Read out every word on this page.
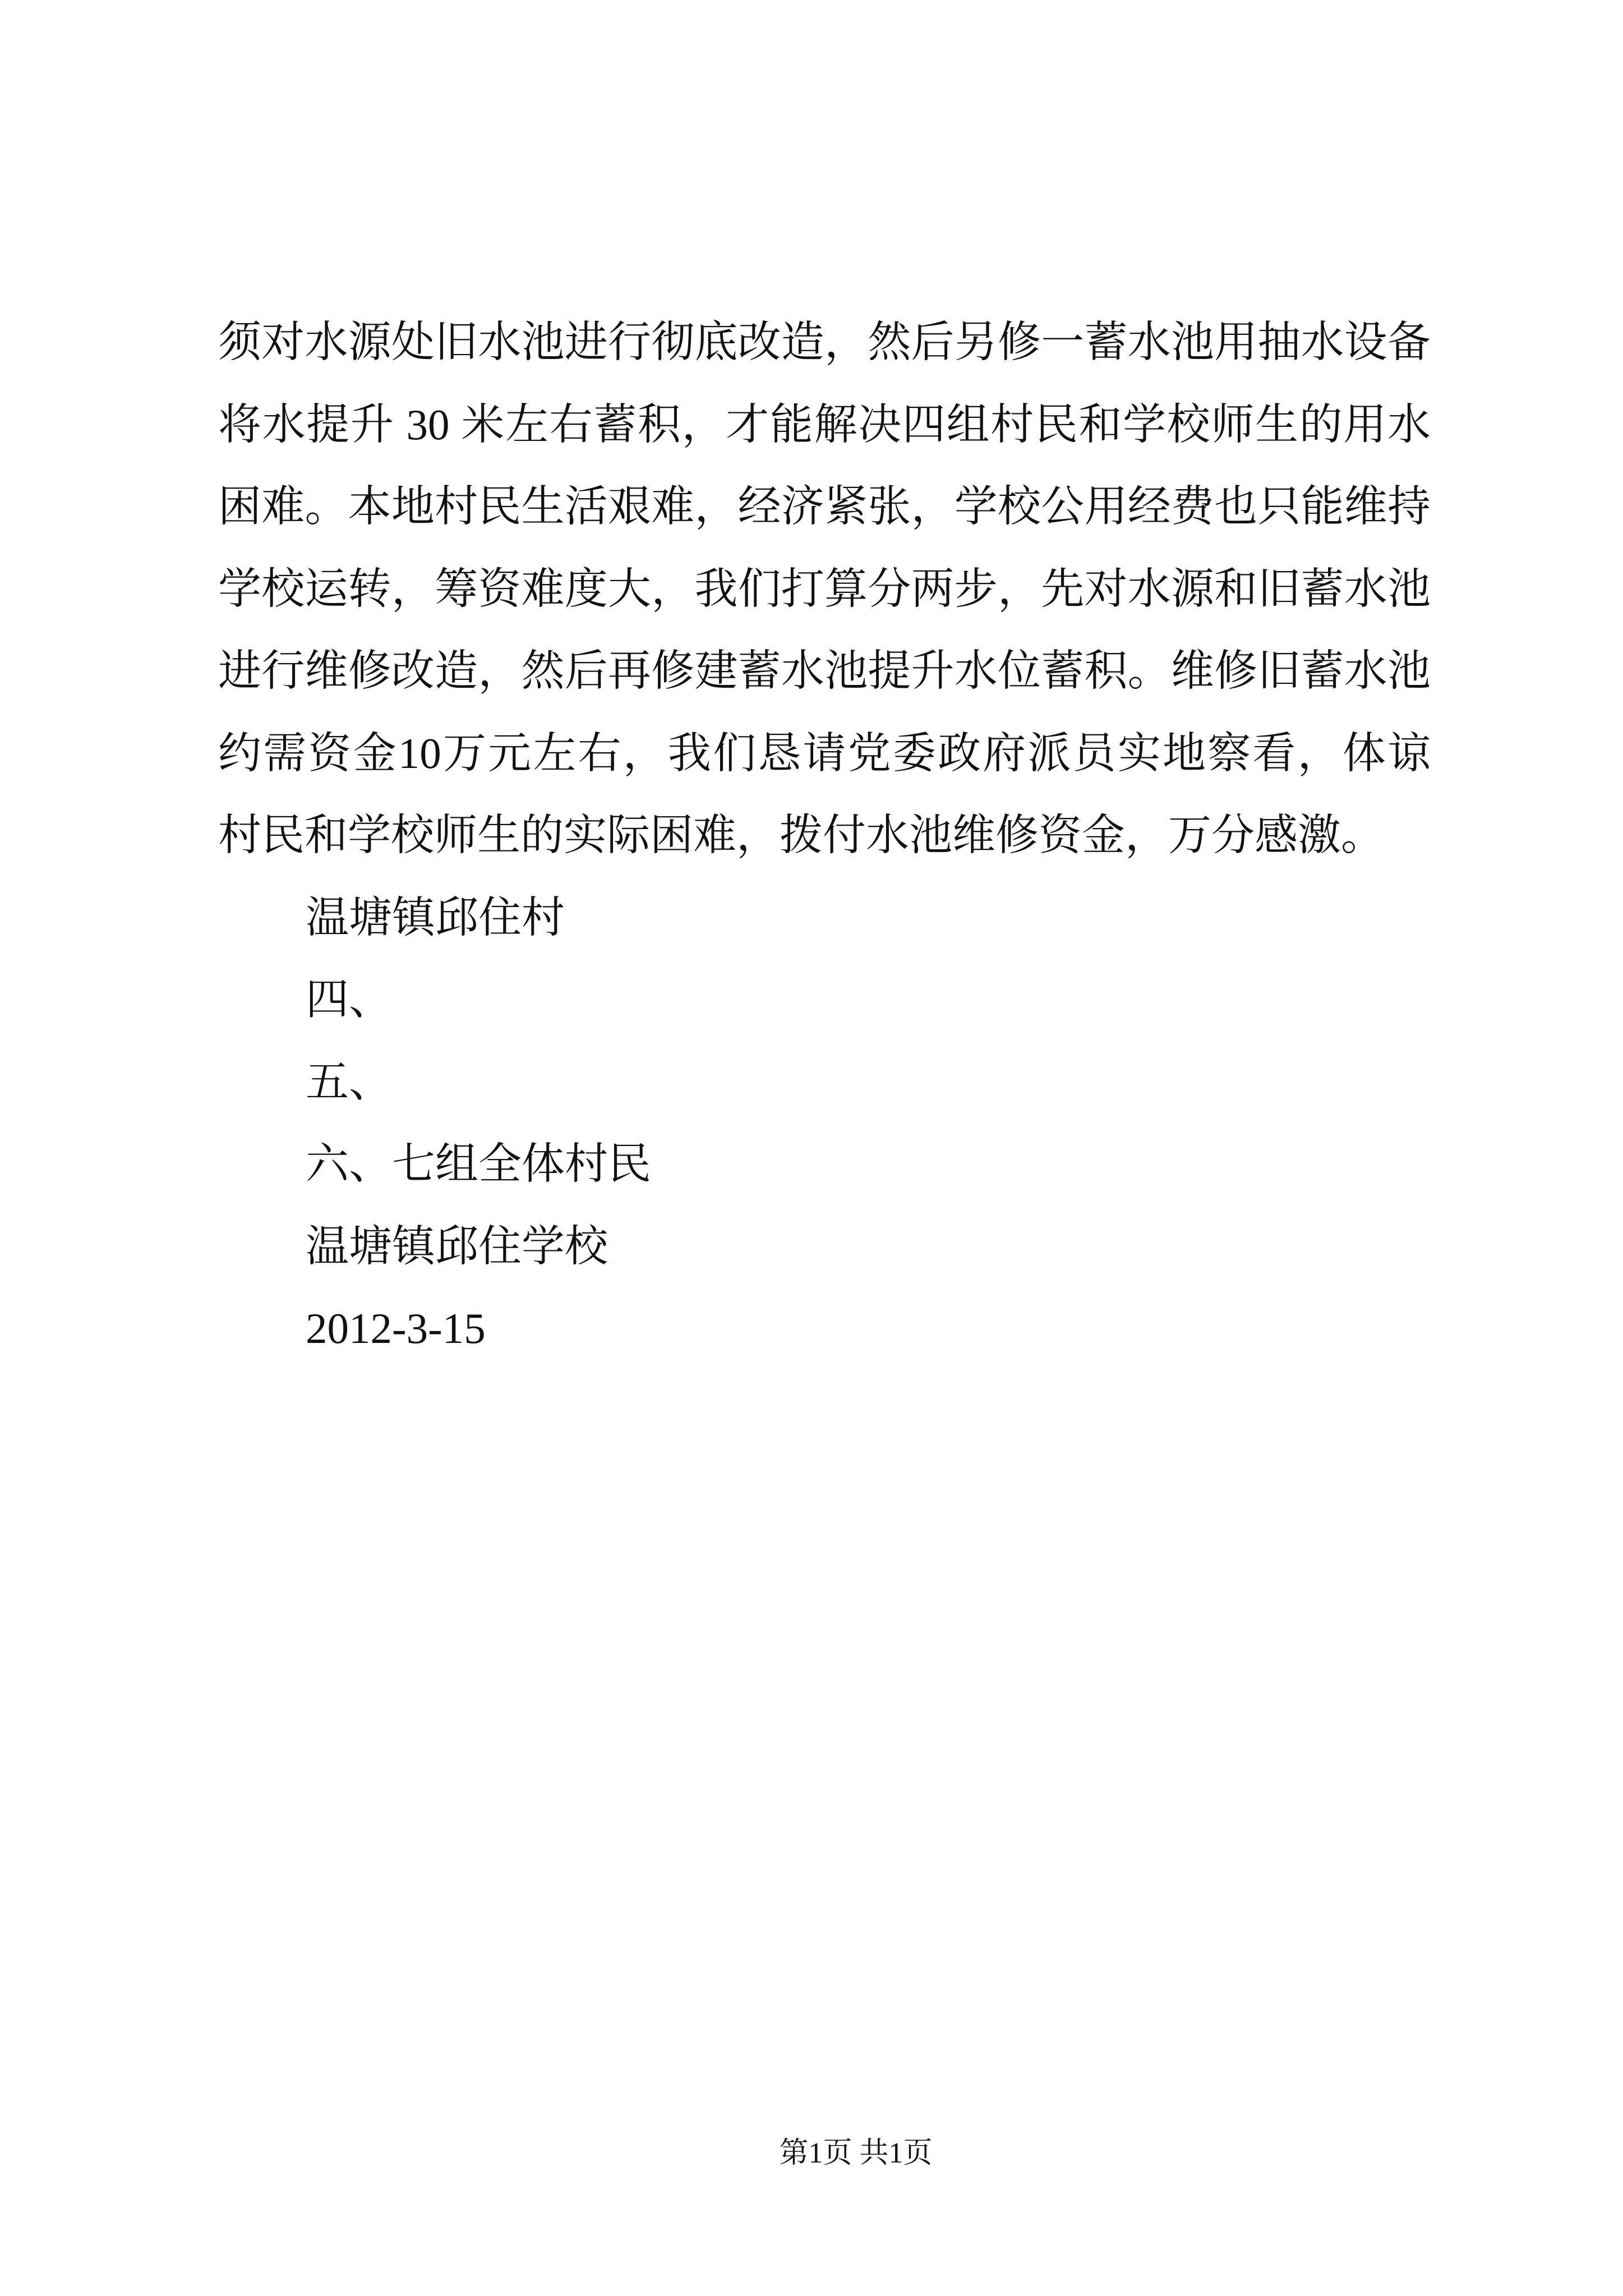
须对水源处旧水池进行彻底改造，然后另修一蓄水池用抽水设备
将水提升 30 米左右蓄积，才能解决四组村民和学校师生的用水
困难。本地村民生活艰难，经济紧张，学校公用经费也只能维持
学校运转，筹资难度大，我们打算分两步，先对水源和旧蓄水池
进行维修改造，然后再修建蓄水池提升水位蓄积。维修旧蓄水池
约需资金10万元左右，我们恳请党委政府派员实地察看，体谅
村民和学校师生的实际困难，拨付水池维修资金，万分感激。
温塘镇邱住村
四、
五、
六、七组全体村民
温塘镇邱住学校
2012-3-15
第1页 共1页
